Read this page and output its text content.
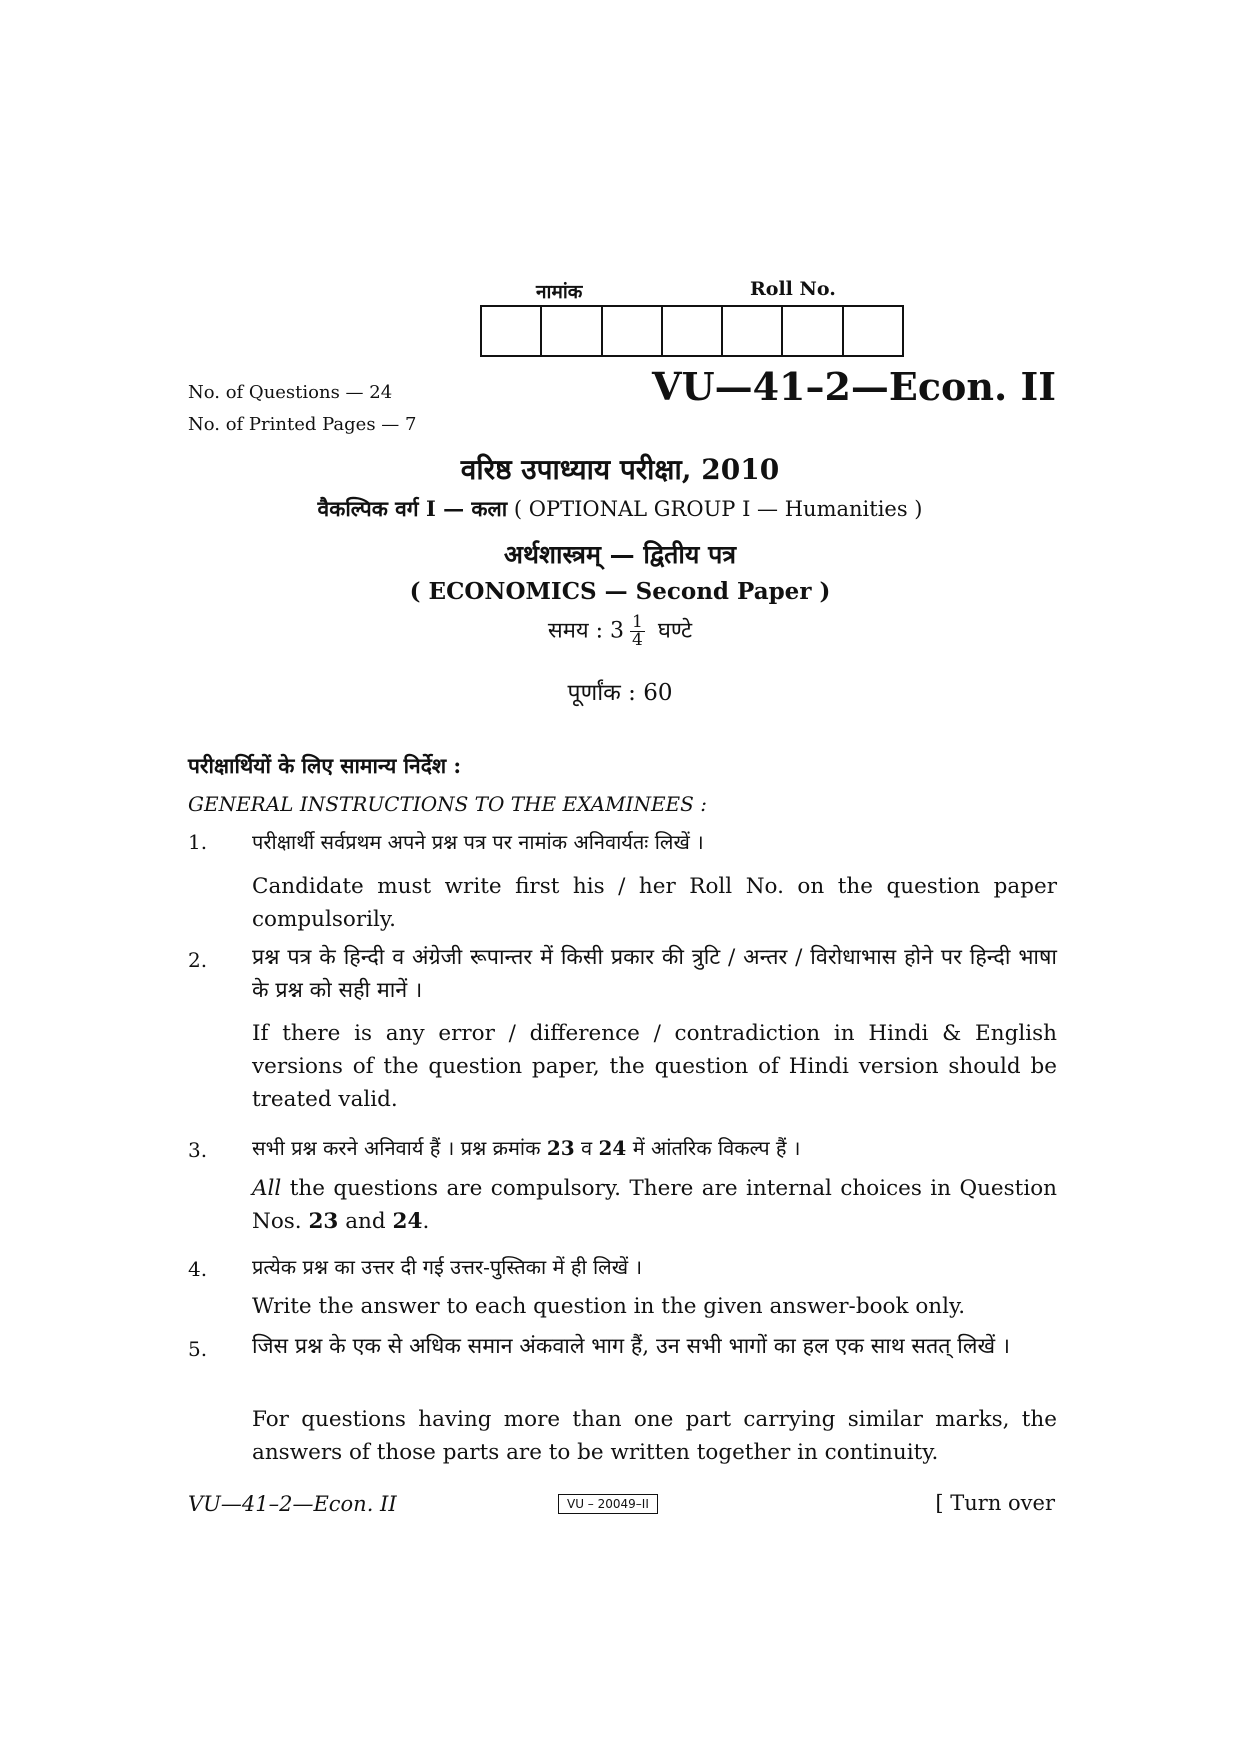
नामांक	Roll No.
No. of Questions — 24
No. of Printed Pages — 7
VU—41–2—Econ. II
वरिष्ठ उपाध्याय परीक्षा, 2010
वैकल्पिक वर्ग I — कला ( OPTIONAL GROUP I — Humanities )
अर्थशास्त्रम् — द्वितीय पत्र
( ECONOMICS — Second Paper )
समय : $3 \frac{1}{4}$ घण्टे
पूर्णांक : 60
परीक्षार्थियों के लिए सामान्य निर्देश :
GENERAL INSTRUCTIONS TO THE EXAMINEES :
1. परीक्षार्थी सर्वप्रथम अपने प्रश्न पत्र पर नामांक अनिवार्यतः लिखें ।
Candidate must write first his / her Roll No. on the question paper compulsorily.
2. प्रश्न पत्र के हिन्दी व अंग्रेजी रूपान्तर में किसी प्रकार की त्रुटि / अन्तर / विरोधाभास होने पर हिन्दी भाषा के प्रश्न को सही मानें ।
If there is any error / difference / contradiction in Hindi & English versions of the question paper, the question of Hindi version should be treated valid.
3. सभी प्रश्न करने अनिवार्य हैं । प्रश्न क्रमांक 23 व 24 में आंतरिक विकल्प हैं ।
All the questions are compulsory. There are internal choices in Question Nos. 23 and 24.
4. प्रत्येक प्रश्न का उत्तर दी गई उत्तर-पुस्तिका में ही लिखें ।
Write the answer to each question in the given answer-book only.
5. जिस प्रश्न के एक से अधिक समान अंकवाले भाग हैं, उन सभी भागों का हल एक साथ सतत् लिखें ।
For questions having more than one part carrying similar marks, the answers of those parts are to be written together in continuity.
VU—41–2—Econ. II	VU – 20049–II	[ Turn over
